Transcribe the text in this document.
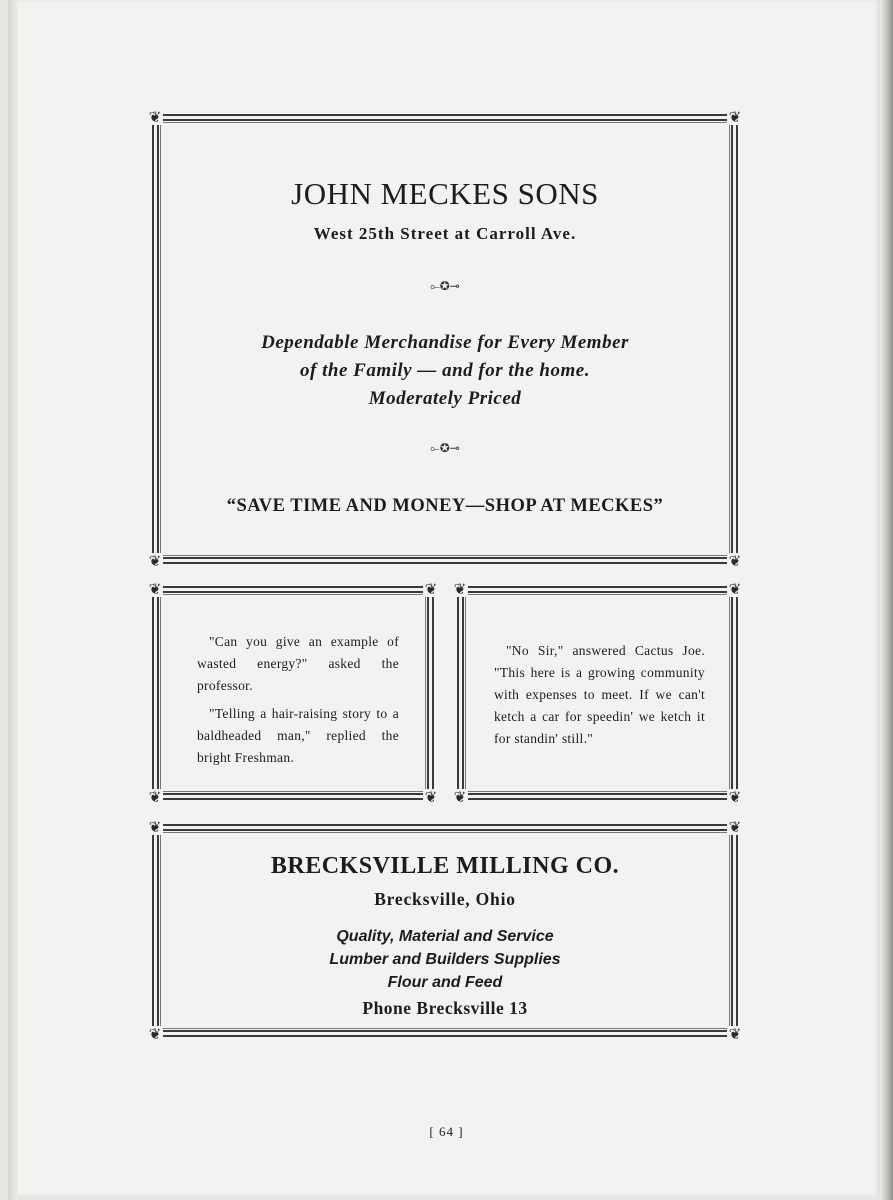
❦	❦
❦	❦
JOHN MECKES SONS
West 25th Street at Carroll Ave.
⟜✪⊸
Dependable Merchandise for Every Member
of the Family — and for the home.
Moderately Priced
⟜✪⊸
“SAVE TIME AND MONEY—SHOP AT MECKES”
❦	❦
❦	❦

"Can you give an example of wasted energy?" asked the professor.

"Telling a hair-raising story to a baldheaded man," replied the bright Freshman.

❦	❦
❦	❦

"No Sir," answered Cactus Joe. "This here is a growing community with expenses to meet. If we can't ketch a car for speedin' we ketch it for standin' still."

❦	❦
❦	❦
BRECKSVILLE MILLING CO.
Brecksville, Ohio
Quality, Material and Service
Lumber and Builders Supplies
Flour and Feed
Phone Brecksville 13
[ 64 ]
